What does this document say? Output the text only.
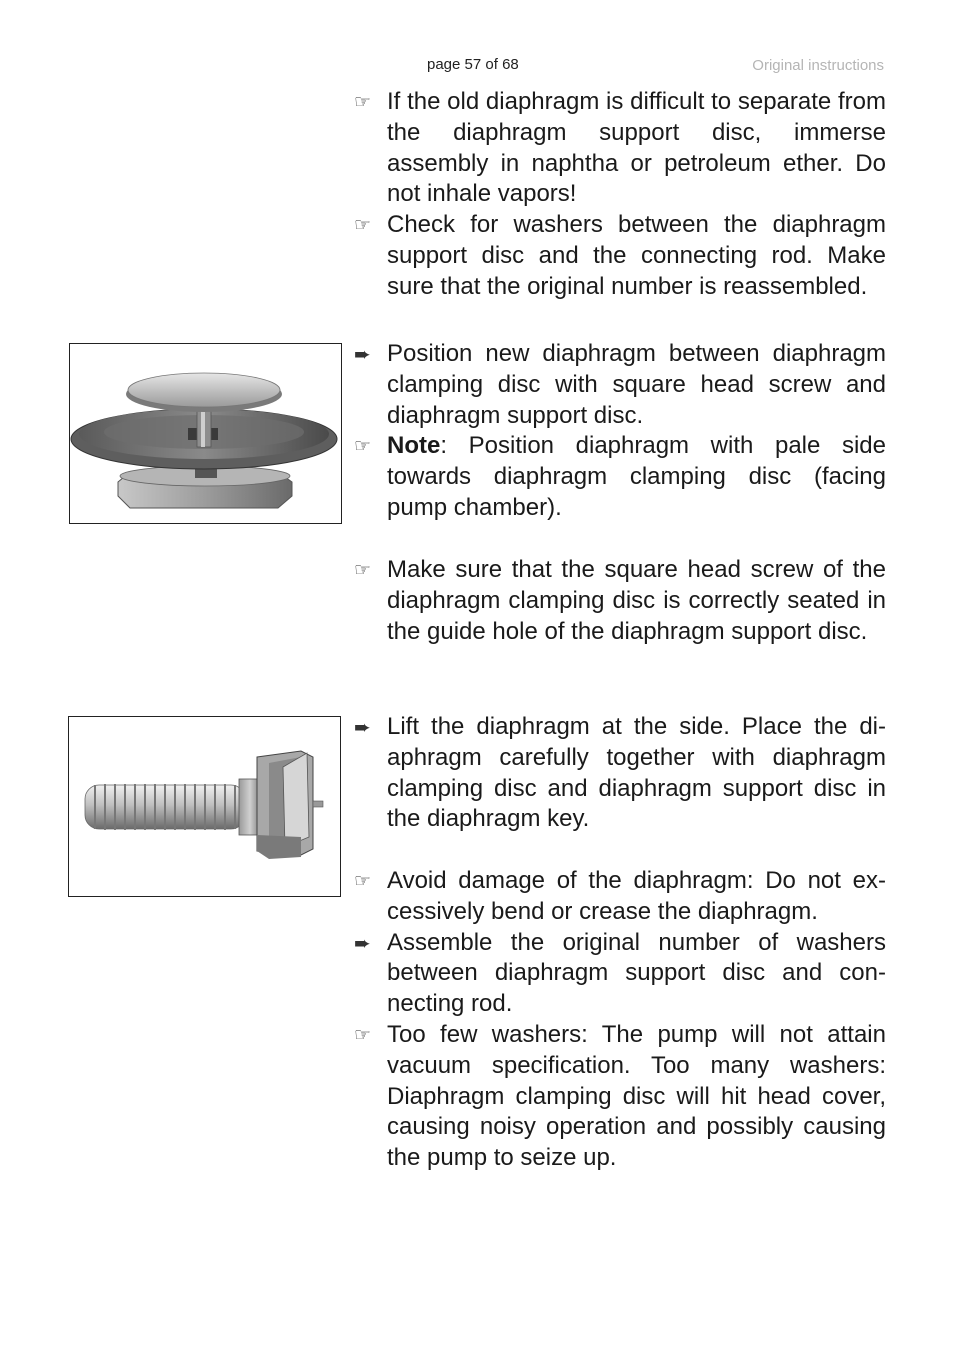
page 57 of 68	Original instructions
☞ If the old diaphragm is difficult to separate from the diaphragm support disc, immerse assembly in naphtha or petroleum ether. Do not inhale vapors!
☞ Check for washers between the diaphragm support disc and the connecting rod. Make sure that the original number is reassembled.
➨ Position new diaphragm between diaphragm clamping disc with square head screw and diaphragm support disc.
☞ Note: Position diaphragm with pale side towards diaphragm clamping disc (facing pump chamber).
☞ Make sure that the square head screw of the diaphragm clamping disc is correctly seated in the guide hole of the diaphragm support disc.
➨ Lift the diaphragm at the side. Place the diaphragm carefully together with diaphragm clamping disc and diaphragm support disc in the diaphragm key.
☞ Avoid damage of the diaphragm: Do not excessively bend or crease the diaphragm.
➨ Assemble the original number of washers between diaphragm support disc and connecting rod.
☞ Too few washers: The pump will not attain vacuum specification. Too many washers: Diaphragm clamping disc will hit head cover, causing noisy operation and possibly causing the pump to seize up.
